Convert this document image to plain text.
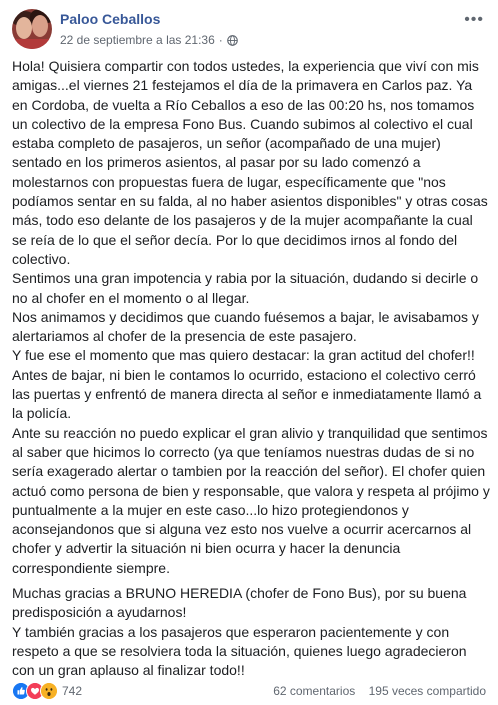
Paloo Ceballos
22 de septiembre a las 21:36 ·
•••

Hola! Quisiera compartir con todos ustedes, la experiencia que viví con mis amigas...el viernes 21 festejamos el día de la primavera en Carlos paz. Ya en Cordoba, de vuelta a Río Ceballos a eso de las 00:20 hs, nos tomamos un colectivo de la empresa Fono Bus. Cuando subimos al colectivo el cual estaba completo de pasajeros, un señor (acompañado de una mujer) sentado en los primeros asientos, al pasar por su lado comenzó a molestarnos con propuestas fuera de lugar, específicamente que "nos podíamos sentar en su falda, al no haber asientos disponibles" y otras cosas más, todo eso delante de los pasajeros y de la mujer acompañante la cual se reía de lo que el señor decía. Por lo que decidimos irnos al fondo del colectivo.

Sentimos una gran impotencia y rabia por la situación, dudando si decirle o no al chofer en el momento o al llegar.

Nos animamos y decidimos que cuando fuésemos a bajar, le avisabamos y alertariamos al chofer de la presencia de este pasajero.

Y fue ese el momento que mas quiero destacar: la gran actitud del chofer!! Antes de bajar, ni bien le contamos lo ocurrido, estaciono el colectivo cerró las puertas y enfrentó de manera directa al señor e inmediatamente llamó a la policía.

Ante su reacción no puedo explicar el gran alivio y tranquilidad que sentimos al saber que hicimos lo correcto (ya que teníamos nuestras dudas de si no sería exagerado alertar o tambien por la reacción del señor). El chofer quien actuó como persona de bien y responsable, que valora y respeta al prójimo y puntualmente a la mujer en este caso...lo hizo protegiendonos y aconsejandonos que si alguna vez esto nos vuelve a ocurrir acercarnos al chofer y advertir la situación ni bien ocurra y hacer la denuncia correspondiente siempre.

Muchas gracias a BRUNO HEREDIA (chofer de Fono Bus), por su buena predisposición a ayudarnos!

Y también gracias a los pasajeros que esperaron pacientemente y con respeto a que se resolviera toda la situación, quienes luego agradecieron con un gran aplauso al finalizar todo!!

742	62 comentarios 195 veces compartido
